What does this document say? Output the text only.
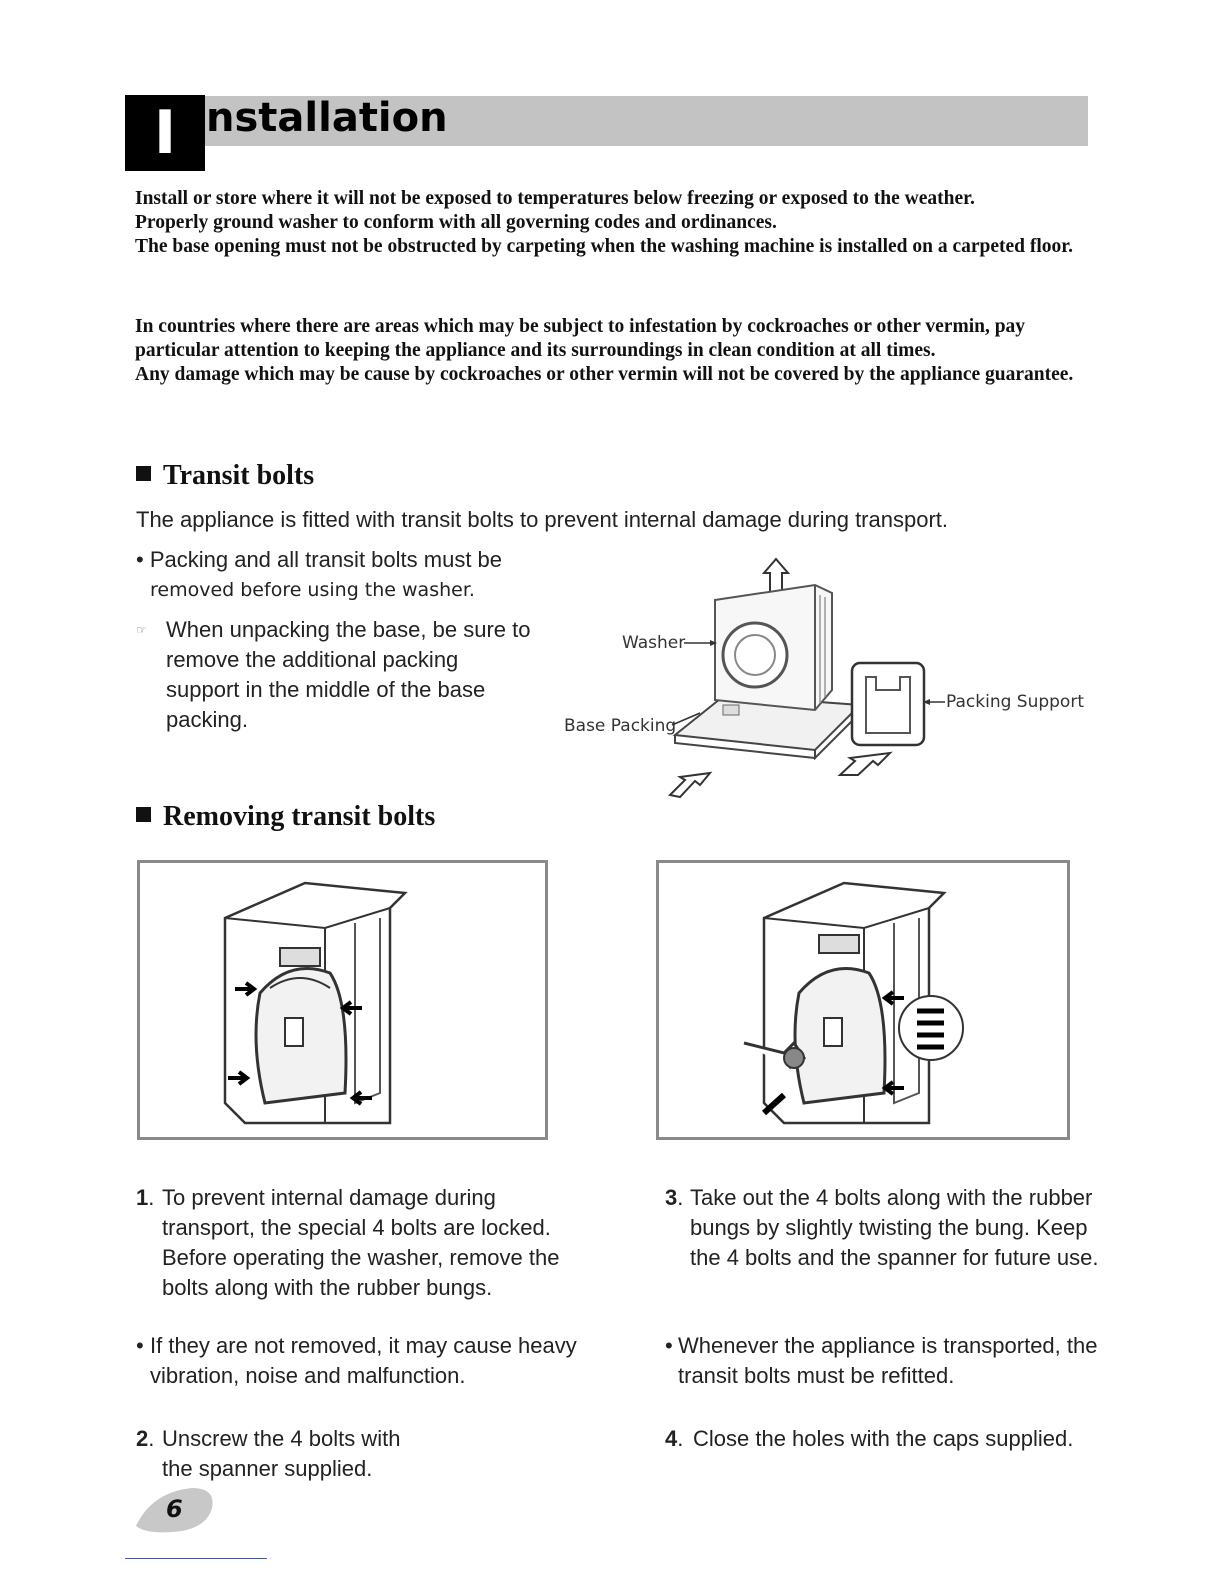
I nstallation

Install or store where it will not be exposed to temperatures below freezing or exposed to the weather.

Properly ground washer to conform with all governing codes and ordinances.

The base opening must not be obstructed by carpeting when the washing machine is installed on a carpeted floor.

In countries where there are areas which may be subject to infestation by cockroaches or other vermin, pay particular attention to keeping the appliance and its surroundings in clean condition at all times.

Any damage which may be cause by cockroaches or other vermin will not be covered by the appliance guarantee.

Transit bolts
The appliance is fitted with transit bolts to prevent internal damage during transport.
• Packing and all transit bolts must be
removed before using the washer.
☞ When unpacking the base, be sure to remove the additional packing support in the middle of the base packing.
Washer
Base Packing
Packing Support
Removing transit bolts
1. To prevent internal damage during transport, the special 4 bolts are locked. Before operating the washer, remove the bolts along with the rubber bungs.
• If they are not removed, it may cause heavy vibration, noise and malfunction.
2. Unscrew the 4 bolts with the spanner supplied.
3. Take out the 4 bolts along with the rubber bungs by slightly twisting the bung. Keep the 4 bolts and the spanner for future use.
• Whenever the appliance is transported, the transit bolts must be refitted.
4. Close the holes with the caps supplied.
6
